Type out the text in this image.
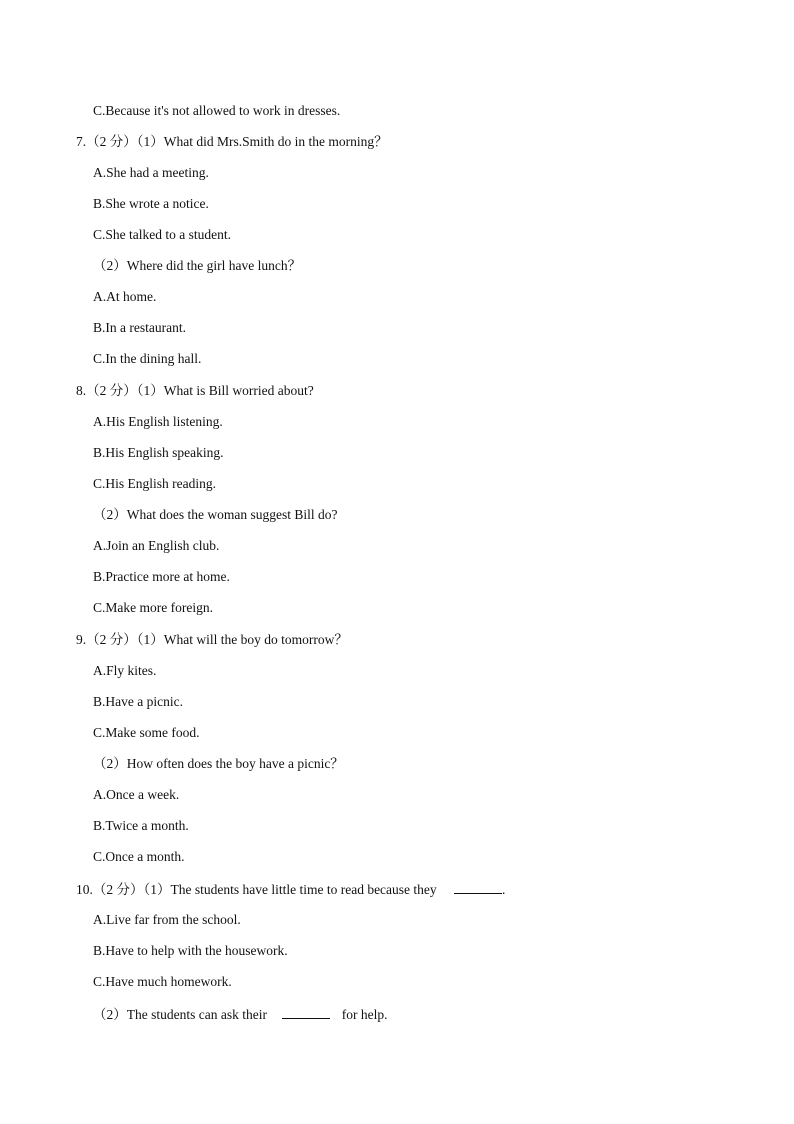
C.Because it's not allowed to work in dresses.
7.（2 分）（1）What did Mrs.Smith do in the morning？
A.She had a meeting.
B.She wrote a notice.
C.She talked to a student.
（2）Where did the girl have lunch？
A.At home.
B.In a restaurant.
C.In the dining hall.
8.（2 分）（1）What is Bill worried about?
A.His English listening.
B.His English speaking.
C.His English reading.
（2）What does the woman suggest Bill do?
A.Join an English club.
B.Practice more at home.
C.Make more foreign.
9.（2 分）（1）What will the boy do tomorrow？
A.Fly kites.
B.Have a picnic.
C.Make some food.
（2）How often does the boy have a picnic？
A.Once a week.
B.Twice a month.
C.Once a month.
10.（2 分）（1）The students have little time to read because they	.
A.Live far from the school.
B.Have to help with the housework.
C.Have much homework.
（2）The students can ask their	for help.
